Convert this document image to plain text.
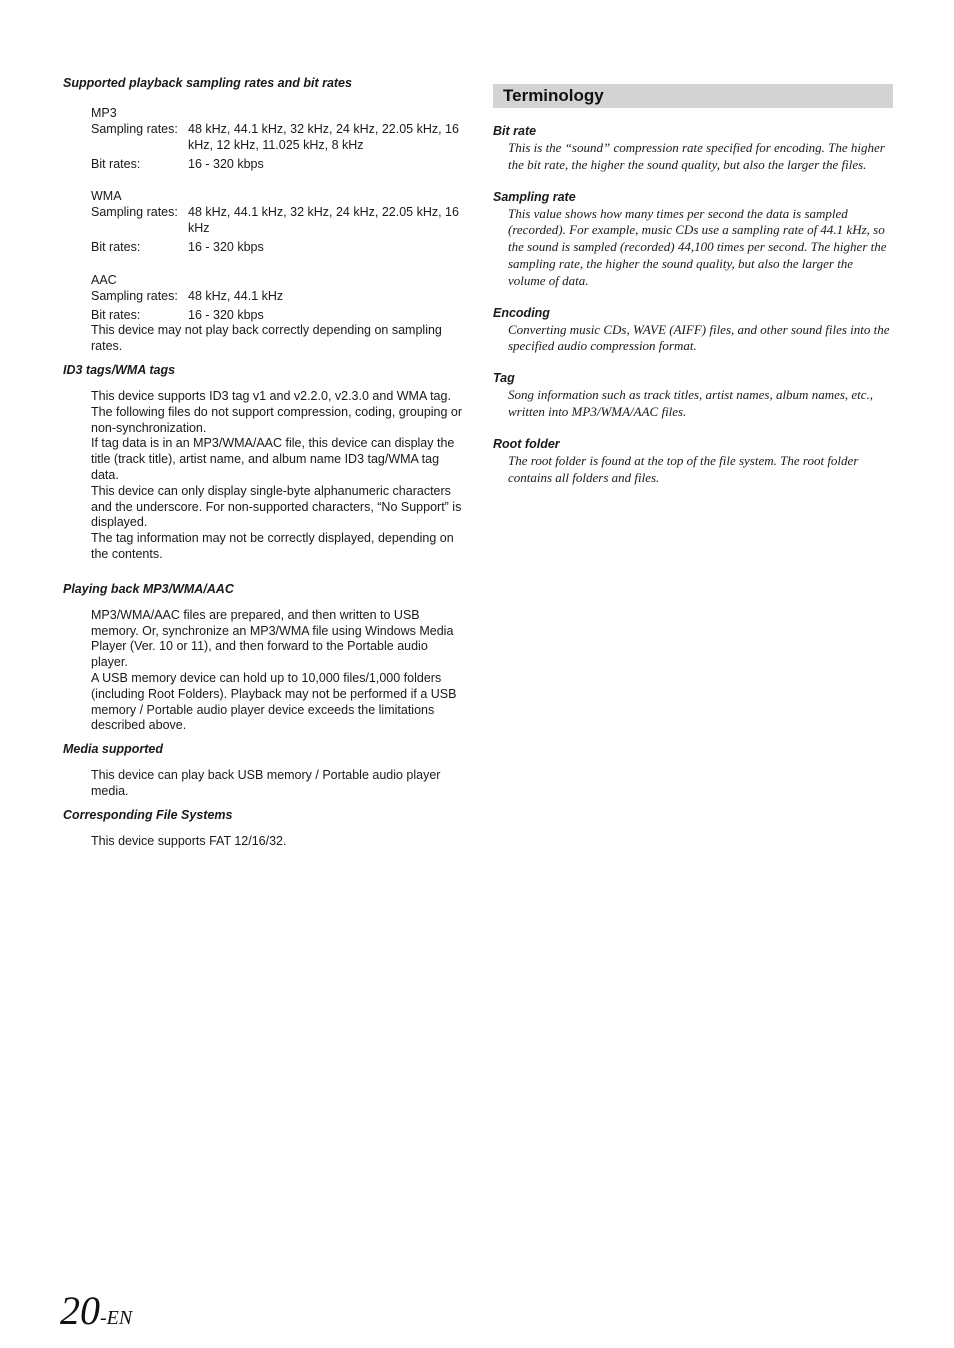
Supported playback sampling rates and bit rates
MP3
Sampling rates: 48 kHz, 44.1 kHz, 32 kHz, 24 kHz, 22.05 kHz, 16 kHz, 12 kHz, 11.025 kHz, 8 kHz
Bit rates:	16 - 320 kbps
WMA
Sampling rates: 48 kHz, 44.1 kHz, 32 kHz, 24 kHz, 22.05 kHz, 16 kHz
Bit rates:	16 - 320 kbps
AAC
Sampling rates: 48 kHz, 44.1 kHz
Bit rates:	16 - 320 kbps

This device may not play back correctly depending on sampling rates.

ID3 tags/WMA tags

This device supports ID3 tag v1 and v2.2.0, v2.3.0 and WMA tag. The following files do not support compression, coding, grouping or non-synchronization.

If tag data is in an MP3/WMA/AAC file, this device can display the title (track title), artist name, and album name ID3 tag/WMA tag data.

This device can only display single-byte alphanumeric characters and the underscore. For non-supported characters, “No Support” is displayed.

The tag information may not be correctly displayed, depending on the contents.

Playing back MP3/WMA/AAC

MP3/WMA/AAC files are prepared, and then written to USB memory. Or, synchronize an MP3/WMA file using Windows Media Player (Ver. 10 or 11), and then forward to the Portable audio player.

A USB memory device can hold up to 10,000 files/1,000 folders (including Root Folders). Playback may not be performed if a USB memory / Portable audio player device exceeds the limitations described above.

Media supported

This device can play back USB memory / Portable audio player media.

Corresponding File Systems

This device supports FAT 12/16/32.

Terminology
Bit rate
This is the “sound” compression rate specified for encoding. The higher the bit rate, the higher the sound quality, but also the larger the files.
Sampling rate
This value shows how many times per second the data is sampled (recorded). For example, music CDs use a sampling rate of 44.1 kHz, so the sound is sampled (recorded) 44,100 times per second. The higher the sampling rate, the higher the sound quality, but also the larger the volume of data.
Encoding
Converting music CDs, WAVE (AIFF) files, and other sound files into the specified audio compression format.
Tag
Song information such as track titles, artist names, album names, etc., written into MP3/WMA/AAC files.
Root folder
The root folder is found at the top of the file system. The root folder contains all folders and files.
20-EN
